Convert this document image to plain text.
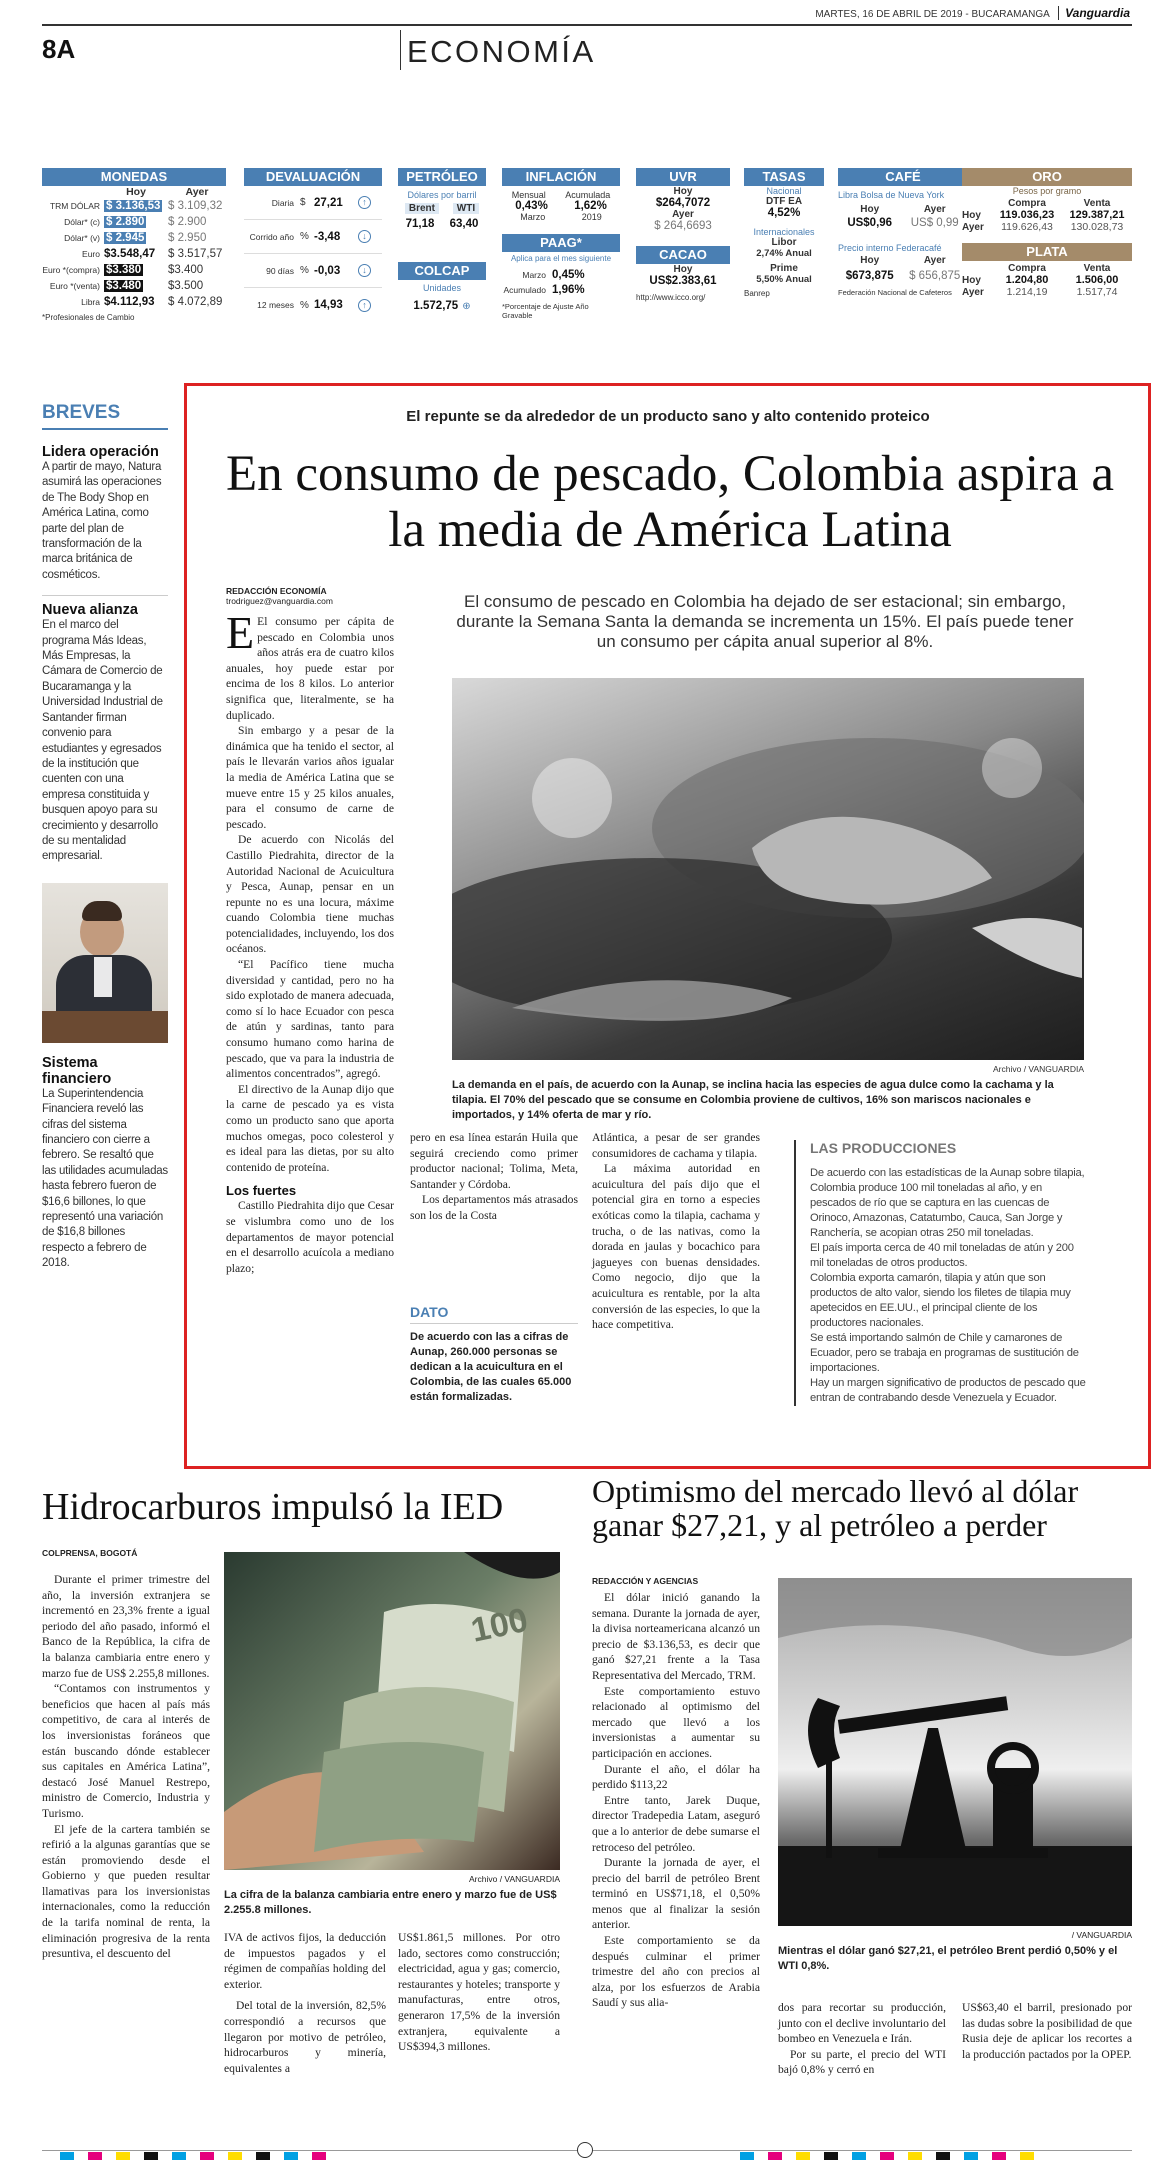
MARTES, 16 DE ABRIL DE 2019 - BUCARAMANGA Vanguardia
8A	ECONOMÍA
MONEDAS
Hoy	Ayer
TRM DÓLAR $ 3.136,53 $ 3.109,32
Dólar* (c) $ 2.890	$ 2.900
Dólar* (v) $ 2.945	$ 2.950
Euro $3.548,47	$ 3.517,57
Euro *(compra) $3.380	$3.400
Euro *(venta) $3.480	$3.500
Libra $4.112,93	$ 4.072,89
*Profesionales de Cambio
DEVALUACIÓN
Diaria $ 27,21	↑
Corrido año % -3,48	↓
90 días % -0,03	↓
12 meses % 14,93	↑
PETRÓLEO
Dólares por barril
Brent	WTI
71,18 63,40
COLCAP
Unidades
1.572,75 ⊕
INFLACIÓN
Mensual Acumulada
0,43% 1,62%
Marzo	2019
PAAG*
Aplica para el mes siguiente
Marzo 0,45%
Acumulado 1,96%
*Porcentaje de Ajuste Año Gravable
UVR
Hoy
$264,7072
Ayer
$ 264,6693
CACAO
Hoy
US$2.383,61
http://www.icco.org/
TASAS
Nacional
DTF EA
4,52%
Internacionales
Libor
2,74% Anual
Prime
5,50% Anual
Banrep
CAFÉ
Libra Bolsa de Nueva York
Hoy	Ayer
US$0,96 US$ 0,99
Precio interno Federacafé
Hoy	Ayer
$673,875 $ 656,875
Federación Nacional de Cafeteros
ORO
Pesos por gramo
Compra	Venta
Hoy	119.036,23	129.387,21
Ayer	119.626,43	130.028,73
PLATA
Compra	Venta
Hoy	1.204,80	1.506,00
Ayer	1.214,19	1.517,74
BREVES
Lidera operación
A partir de mayo, Natura asumirá las operaciones de The Body Shop en América Latina, como parte del plan de transformación de la marca británica de cosméticos.
Nueva alianza
En el marco del programa Más Ideas, Más Empresas, la Cámara de Comercio de Bucaramanga y la Universidad Industrial de Santander firman convenio para estudiantes y egresados de la institución que cuenten con una empresa constituida y busquen apoyo para su crecimiento y desarrollo de su mentalidad empresarial.
Sistema financiero
La Superintendencia Financiera reveló las cifras del sistema financiero con cierre a febrero. Se resaltó que las utilidades acumuladas hasta febrero fueron de $16,6 billones, lo que representó una variación de $16,8 billones respecto a febrero de 2018.
El repunte se da alrededor de un producto sano y alto contenido proteico
En consumo de pescado, Colombia aspira a la media de América Latina
REDACCIÓN ECONOMÍA
trodriguez@vanguardia.com

E El consumo per cápita de pescado en Colombia unos años atrás era de cuatro kilos anuales, hoy puede estar por encima de los 8 kilos. Lo anterior significa que, literalmente, se ha duplicado.

Sin embargo y a pesar de la dinámica que ha tenido el sector, al país le llevarán varios años igualar la media de América Latina que se mueve entre 15 y 25 kilos anuales, para el consumo de carne de pescado.

De acuerdo con Nicolás del Castillo Piedrahita, director de la Autoridad Nacional de Acuicultura y Pesca, Aunap, pensar en un repunte no es una locura, máxime cuando Colombia tiene muchas potencialidades, incluyendo, los dos océanos.

“El Pacífico tiene mucha diversidad y cantidad, pero no ha sido explotado de manera adecuada, como sí lo hace Ecuador con pesca de atún y sardinas, tanto para consumo humano como harina de pescado, que va para la industria de alimentos concentrados”, agregó.

El directivo de la Aunap dijo que la carne de pescado ya es vista como un producto sano que aporta muchos omegas, poco colesterol y es ideal para las dietas, por su alto contenido de proteína.

Los fuertes

Castillo Piedrahita dijo que Cesar se vislumbra como uno de los departamentos de mayor potencial en el desarrollo acuícola a mediano plazo;

El consumo de pescado en Colombia ha dejado de ser estacional; sin embargo, durante la Semana Santa la demanda se incrementa un 15%. El país puede tener un consumo per cápita anual superior al 8%.
Archivo / VANGUARDIA
La demanda en el país, de acuerdo con la Aunap, se inclina hacia las especies de agua dulce como la cachama y la tilapia. El 70% del pescado que se consume en Colombia proviene de cultivos, 16% son mariscos nacionales e importados, y 14% oferta de mar y río.

pero en esa línea estarán Huila que seguirá creciendo como primer productor nacional; Tolima, Meta, Santander y Córdoba.

Los departamentos más atrasados son los de la Costa

Atlántica, a pesar de ser grandes consumidores de cachama y tilapia.

La máxima autoridad en acuicultura del país dijo que el potencial gira en torno a especies exóticas como la tilapia, cachama y trucha, o de las nativas, como la dorada en jaulas y bocachico para jagueyes con buenas densidades. Como negocio, dijo que la acuicultura es rentable, por la alta conversión de las especies, lo que la hace competitiva.

DATO
De acuerdo con las a cifras de Aunap, 260.000 personas se dedican a la acuicultura en el Colombia, de las cuales 65.000 están formalizadas.
LAS PRODUCCIONES
De acuerdo con las estadísticas de la Aunap sobre tilapia, Colombia produce 100 mil toneladas al año, y en pescados de río que se captura en las cuencas de Orinoco, Amazonas, Catatumbo, Cauca, San Jorge y Ranchería, se acopian otras 250 mil toneladas.
El país importa cerca de 40 mil toneladas de atún y 200 mil toneladas de otros productos.
Colombia exporta camarón, tilapia y atún que son productos de alto valor, siendo los filetes de tilapia muy apetecidos en EE.UU., el principal cliente de los productores nacionales.
Se está importando salmón de Chile y camarones de Ecuador, pero se trabaja en programas de sustitución de importaciones.
Hay un margen significativo de productos de pescado que entran de contrabando desde Venezuela y Ecuador.
Hidrocarburos impulsó la IED
COLPRENSA, BOGOTÁ

Durante el primer trimestre del año, la inversión extranjera se incrementó en 23,3% frente a igual periodo del año pasado, informó el Banco de la República, la cifra de la balanza cambiaria entre enero y marzo fue de US$ 2.255,8 millones.

“Contamos con instrumentos y beneficios que hacen al país más competitivo, de cara al interés de los inversionistas foráneos que están buscando dónde establecer sus capitales en América Latina”, destacó José Manuel Restrepo, ministro de Comercio, Industria y Turismo.

El jefe de la cartera también se refirió a la algunas garantías que se están promoviendo desde el Gobierno y que pueden resultar llamativas para los inversionistas internacionales, como la reducción de la tarifa nominal de renta, la eliminación progresiva de la renta presuntiva, el descuento del

100
Archivo / VANGUARDIA
La cifra de la balanza cambiaria entre enero y marzo fue de US$ 2.255.8 millones.

IVA de activos fijos, la deducción de impuestos pagados y el régimen de compañías holding del exterior.

Del total de la inversión, 82,5% correspondió a recursos que llegaron por motivo de petróleo, hidrocarburos y minería, equivalentes a

US$1.861,5 millones. Por otro lado, sectores como construcción; electricidad, agua y gas; comercio, restaurantes y hoteles; transporte y manufacturas, entre otros, generaron 17,5% de la inversión extranjera, equivalente a US$394,3 millones.

Optimismo del mercado llevó al dólar ganar $27,21, y al petróleo a perder
REDACCIÓN Y AGENCIAS

El dólar inició ganando la semana. Durante la jornada de ayer, la divisa norteamericana alcanzó un precio de $3.136,53, es decir que ganó $27,21 frente a la Tasa Representativa del Mercado, TRM.

Este comportamiento estuvo relacionado al optimismo del mercado que llevó a los inversionistas a aumentar su participación en acciones.

Durante el año, el dólar ha perdido $113,22

Entre tanto, Jarek Duque, director Tradepedia Latam, aseguró que a lo anterior de debe sumarse el retroceso del petróleo.

Durante la jornada de ayer, el precio del barril de petróleo Brent terminó en US$71,18, el 0,50% menos que al finalizar la sesión anterior.

Este comportamiento se da después culminar el primer trimestre del año con precios al alza, por los esfuerzos de Arabia Saudí y sus alia-

/ VANGUARDIA
Mientras el dólar ganó $27,21, el petróleo Brent perdió 0,50% y el WTI 0,8%.

dos para recortar su producción, junto con el declive involuntario del bombeo en Venezuela e Irán.

Por su parte, el precio del WTI bajó 0,8% y cerró en

US$63,40 el barril, presionado por las dudas sobre la posibilidad de que Rusia deje de aplicar los recortes a la producción pactados por la OPEP.
